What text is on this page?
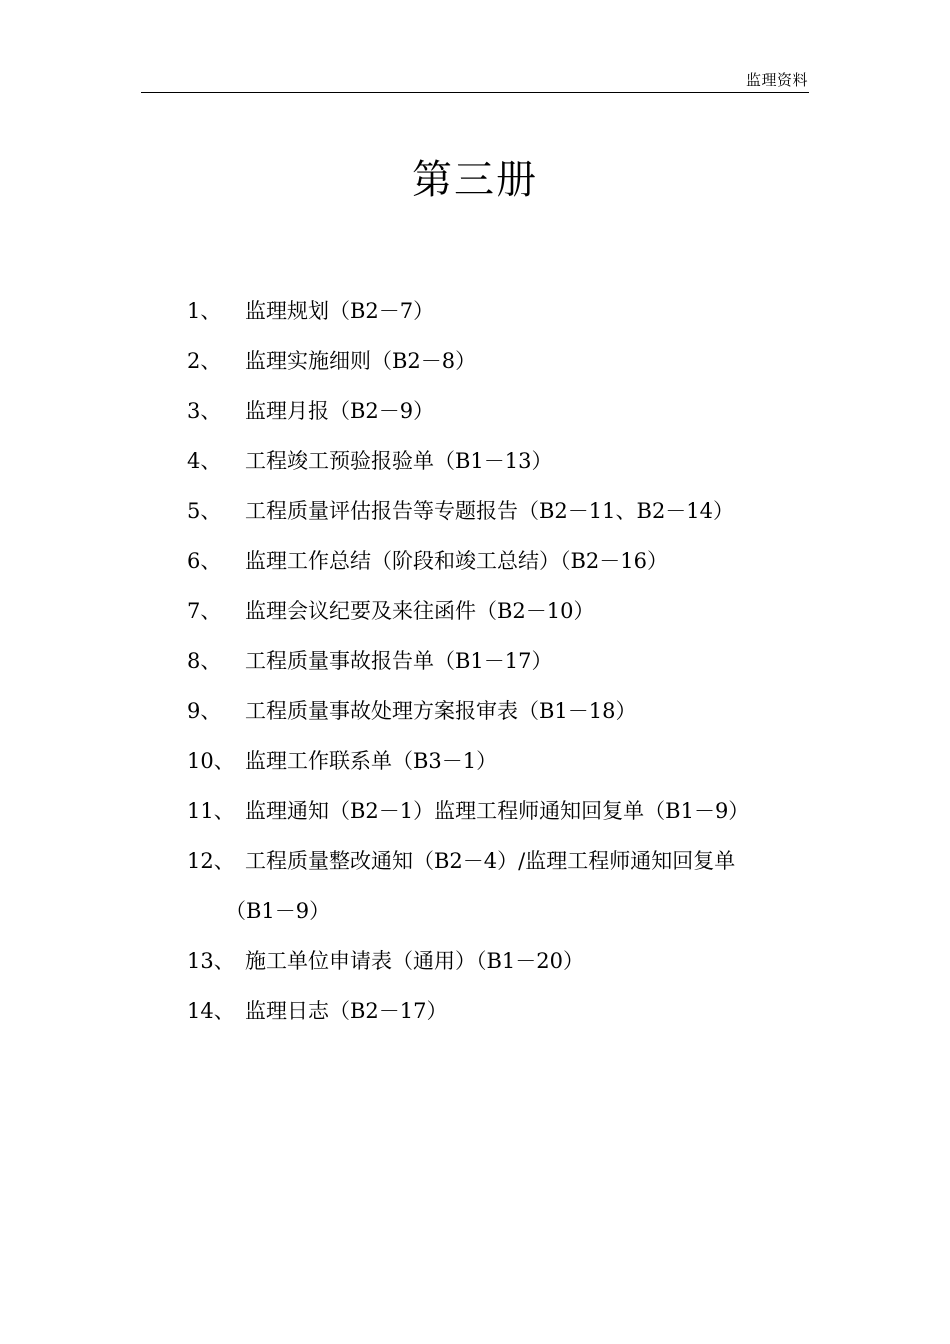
监理资料
第三册
1、	监理规划（B2－7）
2、	监理实施细则（B2－8）
3、	监理月报（B2－9）
4、	工程竣工预验报验单（B1－13）
5、	工程质量评估报告等专题报告（B2－11、B2－14）
6、	监理工作总结（阶段和竣工总结）（B2－16）
7、	监理会议纪要及来往函件（B2－10）
8、	工程质量事故报告单（B1－17）
9、	工程质量事故处理方案报审表（B1－18）
10、 监理工作联系单（B3－1）
11、 监理通知（B2－1）监理工程师通知回复单（B1－9）
12、 工程质量整改通知（B2－4）/监理工程师通知回复单
（B1－9）
13、 施工单位申请表（通用）（B1－20）
14、 监理日志（B2－17）
